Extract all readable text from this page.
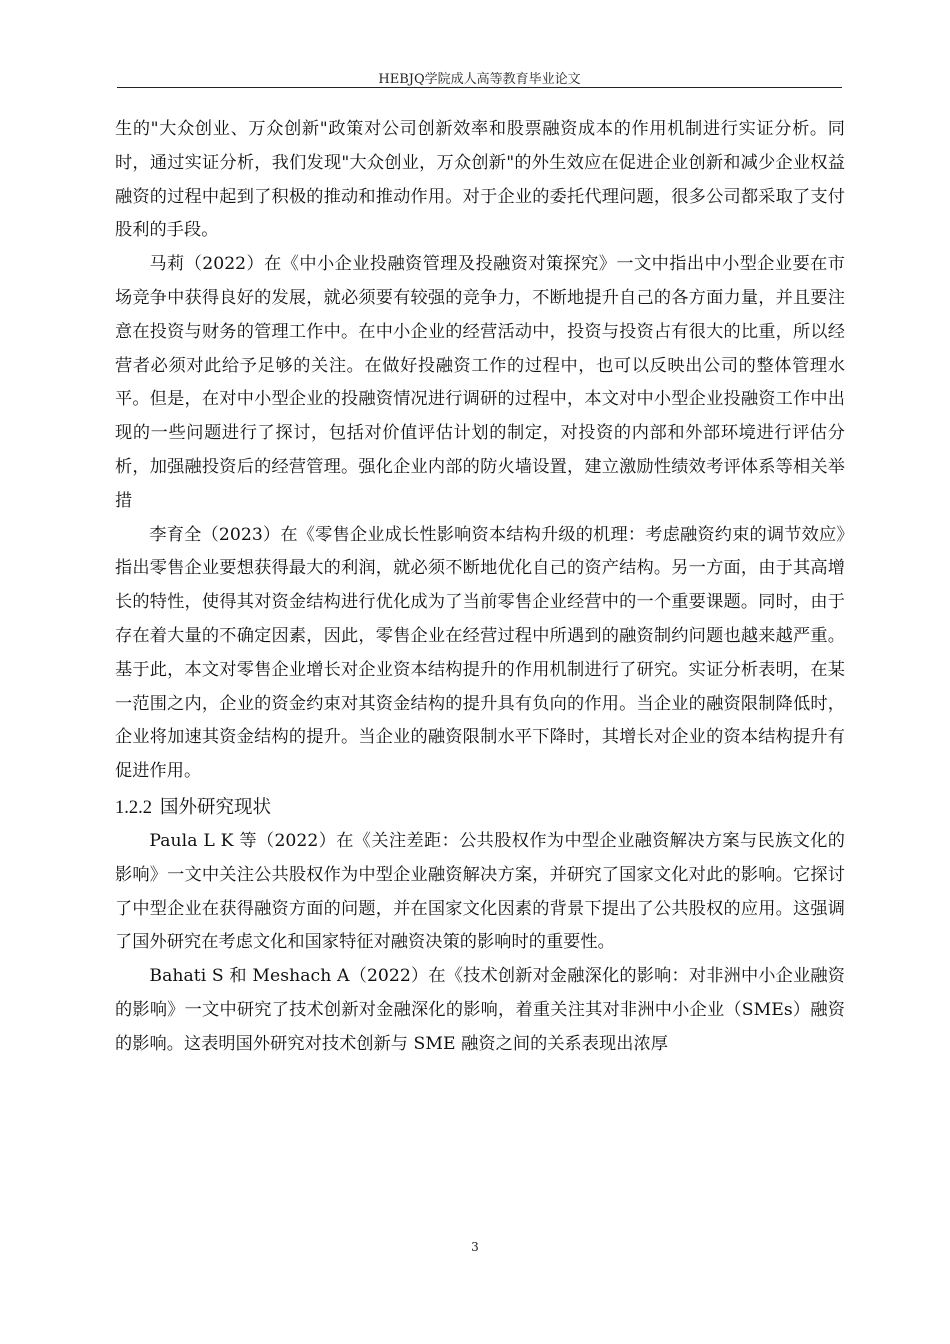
HEBJQ学院成人高等教育毕业论文

生的"大众创业、万众创新"政策对公司创新效率和股票融资成本的作用机制进行实证分析。同时，通过实证分析，我们发现"大众创业，万众创新"的外生效应在促进企业创新和减少企业权益融资的过程中起到了积极的推动和推动作用。对于企业的委托代理问题，很多公司都采取了支付股利的手段。

马莉（2022）在《中小企业投融资管理及投融资对策探究》一文中指出中小型企业要在市场竞争中获得良好的发展，就必须要有较强的竞争力，不断地提升自己的各方面力量，并且要注意在投资与财务的管理工作中。在中小企业的经营活动中，投资与投资占有很大的比重，所以经营者必须对此给予足够的关注。在做好投融资工作的过程中，也可以反映出公司的整体管理水平。但是，在对中小型企业的投融资情况进行调研的过程中，本文对中小型企业投融资工作中出现的一些问题进行了探讨，包括对价值评估计划的制定，对投资的内部和外部环境进行评估分析，加强融投资后的经营管理。强化企业内部的防火墙设置，建立激励性绩效考评体系等相关举措

李育全（2023）在《零售企业成长性影响资本结构升级的机理：考虑融资约束的调节效应》指出零售企业要想获得最大的利润，就必须不断地优化自己的资产结构。另一方面，由于其高增长的特性，使得其对资金结构进行优化成为了当前零售企业经营中的一个重要课题。同时，由于存在着大量的不确定因素，因此，零售企业在经营过程中所遇到的融资制约问题也越来越严重。基于此，本文对零售企业增长对企业资本结构提升的作用机制进行了研究。实证分析表明，在某一范围之内，企业的资金约束对其资金结构的提升具有负向的作用。当企业的融资限制降低时，企业将加速其资金结构的提升。当企业的融资限制水平下降时，其增长对企业的资本结构提升有促进作用。

1.2.2 国外研究现状

Paula L K 等（2022）在《关注差距：公共股权作为中型企业融资解决方案与民族文化的影响》一文中关注公共股权作为中型企业融资解决方案，并研究了国家文化对此的影响。它探讨了中型企业在获得融资方面的问题，并在国家文化因素的背景下提出了公共股权的应用。这强调了国外研究在考虑文化和国家特征对融资决策的影响时的重要性。

Bahati S 和 Meshach A（2022）在《技术创新对金融深化的影响：对非洲中小企业融资的影响》一文中研究了技术创新对金融深化的影响，着重关注其对非洲中小企业（SMEs）融资的影响。这表明国外研究对技术创新与 SME 融资之间的关系表现出浓厚

3
